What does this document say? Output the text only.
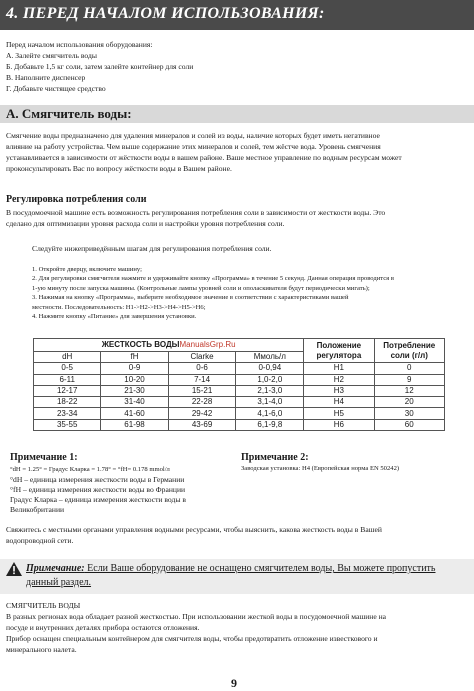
4. ПЕРЕД НАЧАЛОМ ИСПОЛЬЗОВАНИЯ:
Перед началом использования оборудования:
А. Залейте смягчитель воды
Б. Добавьте 1,5 кг соли, затем залейте контейнер для соли
В. Наполните диспенсер
Г. Добавьте чистящее средство
А. Смягчитель воды:
Смягчение воды предназначено для удаления минералов и солей из воды, наличие которых будет иметь негативное
влияние на работу устройства. Чем выше содержание этих минералов и солей, тем жёстче вода. Уровень смягчения
устанавливается в зависимости от жёсткости воды в вашем районе. Ваше местное управление по водным ресурсам может
проконсультировать Вас по вопросу жёсткости воды в Вашем районе.
Регулировка потребления соли
В посудомоечной машине есть возможность регулирования потребления соли в зависимости от жесткости воды. Это
сделано для оптимизации уровня расхода соли и настройки уровня потребления соли.
Следуйте нижеприведённым шагам для регулирования потребления соли.
1. Откройте дверцу, включите машину;
2. Для регулировки смягчителя нажмите и удерживайте кнопку «Программа» в течение 5 секунд. Данная операция проводится в
1-ую минуту после запуска машины. (Контрольные лампы уровней соли и ополаскивателя будут периодически мигать);
3. Нажимая на кнопку «Программа», выберите необходимое значение в соответствии с характеристиками вашей
местности. Последовательность: H1->H2->H3->H4->H5->H6;
4. Нажмите кнопку «Питание» для завершения установки.
ЖЕСТКОСТЬ ВОДЫManualsGrp.Ru				Положение
регулятора	Потребление
соли (г/л)
dH	fH	Clarke	Ммоль/л		
0-5	0-9	0-6	0-0,94	H1	0
6-11	10-20	7-14	1,0-2,0	H2	9
12-17	21-30	15-21	2,1-3,0	H3	12
18-22	31-40	22-28	3,1-4,0	H4	20
23-34	41-60	29-42	4,1-6,0	H5	30
35-55	61-98	43-69	6,1-9,8	H6	60
Примечание 1:
°dH = 1.25° = Градус Кларка = 1.78° = °fH= 0.178 mmol/л
°dH – единица измерения жесткости воды в Германии
°fH – единица измерения жесткости воды во Франции
Градус Кларка – единица измерения жесткости воды в
Великобритании
Примечание 2:
Заводская установка: H4 (Европейская норма EN 50242)
Свяжитесь с местными органами управления водными ресурсами, чтобы выяснить, какова жесткость воды в Вашей
водопроводной сети.
Примечание: Если Ваше оборудование не оснащено смягчителем воды, Вы можете пропустить
данный раздел.
СМЯГЧИТЕЛЬ ВОДЫ
В разных регионах вода обладает разной жесткостью. При использовании жесткой воды в посудомоечной машине на
посуде и внутренних деталях прибора остаются отложения.
Прибор оснащен специальным контейнером для смягчителя воды, чтобы предотвратить отложение известкового и
минерального налета.
9
